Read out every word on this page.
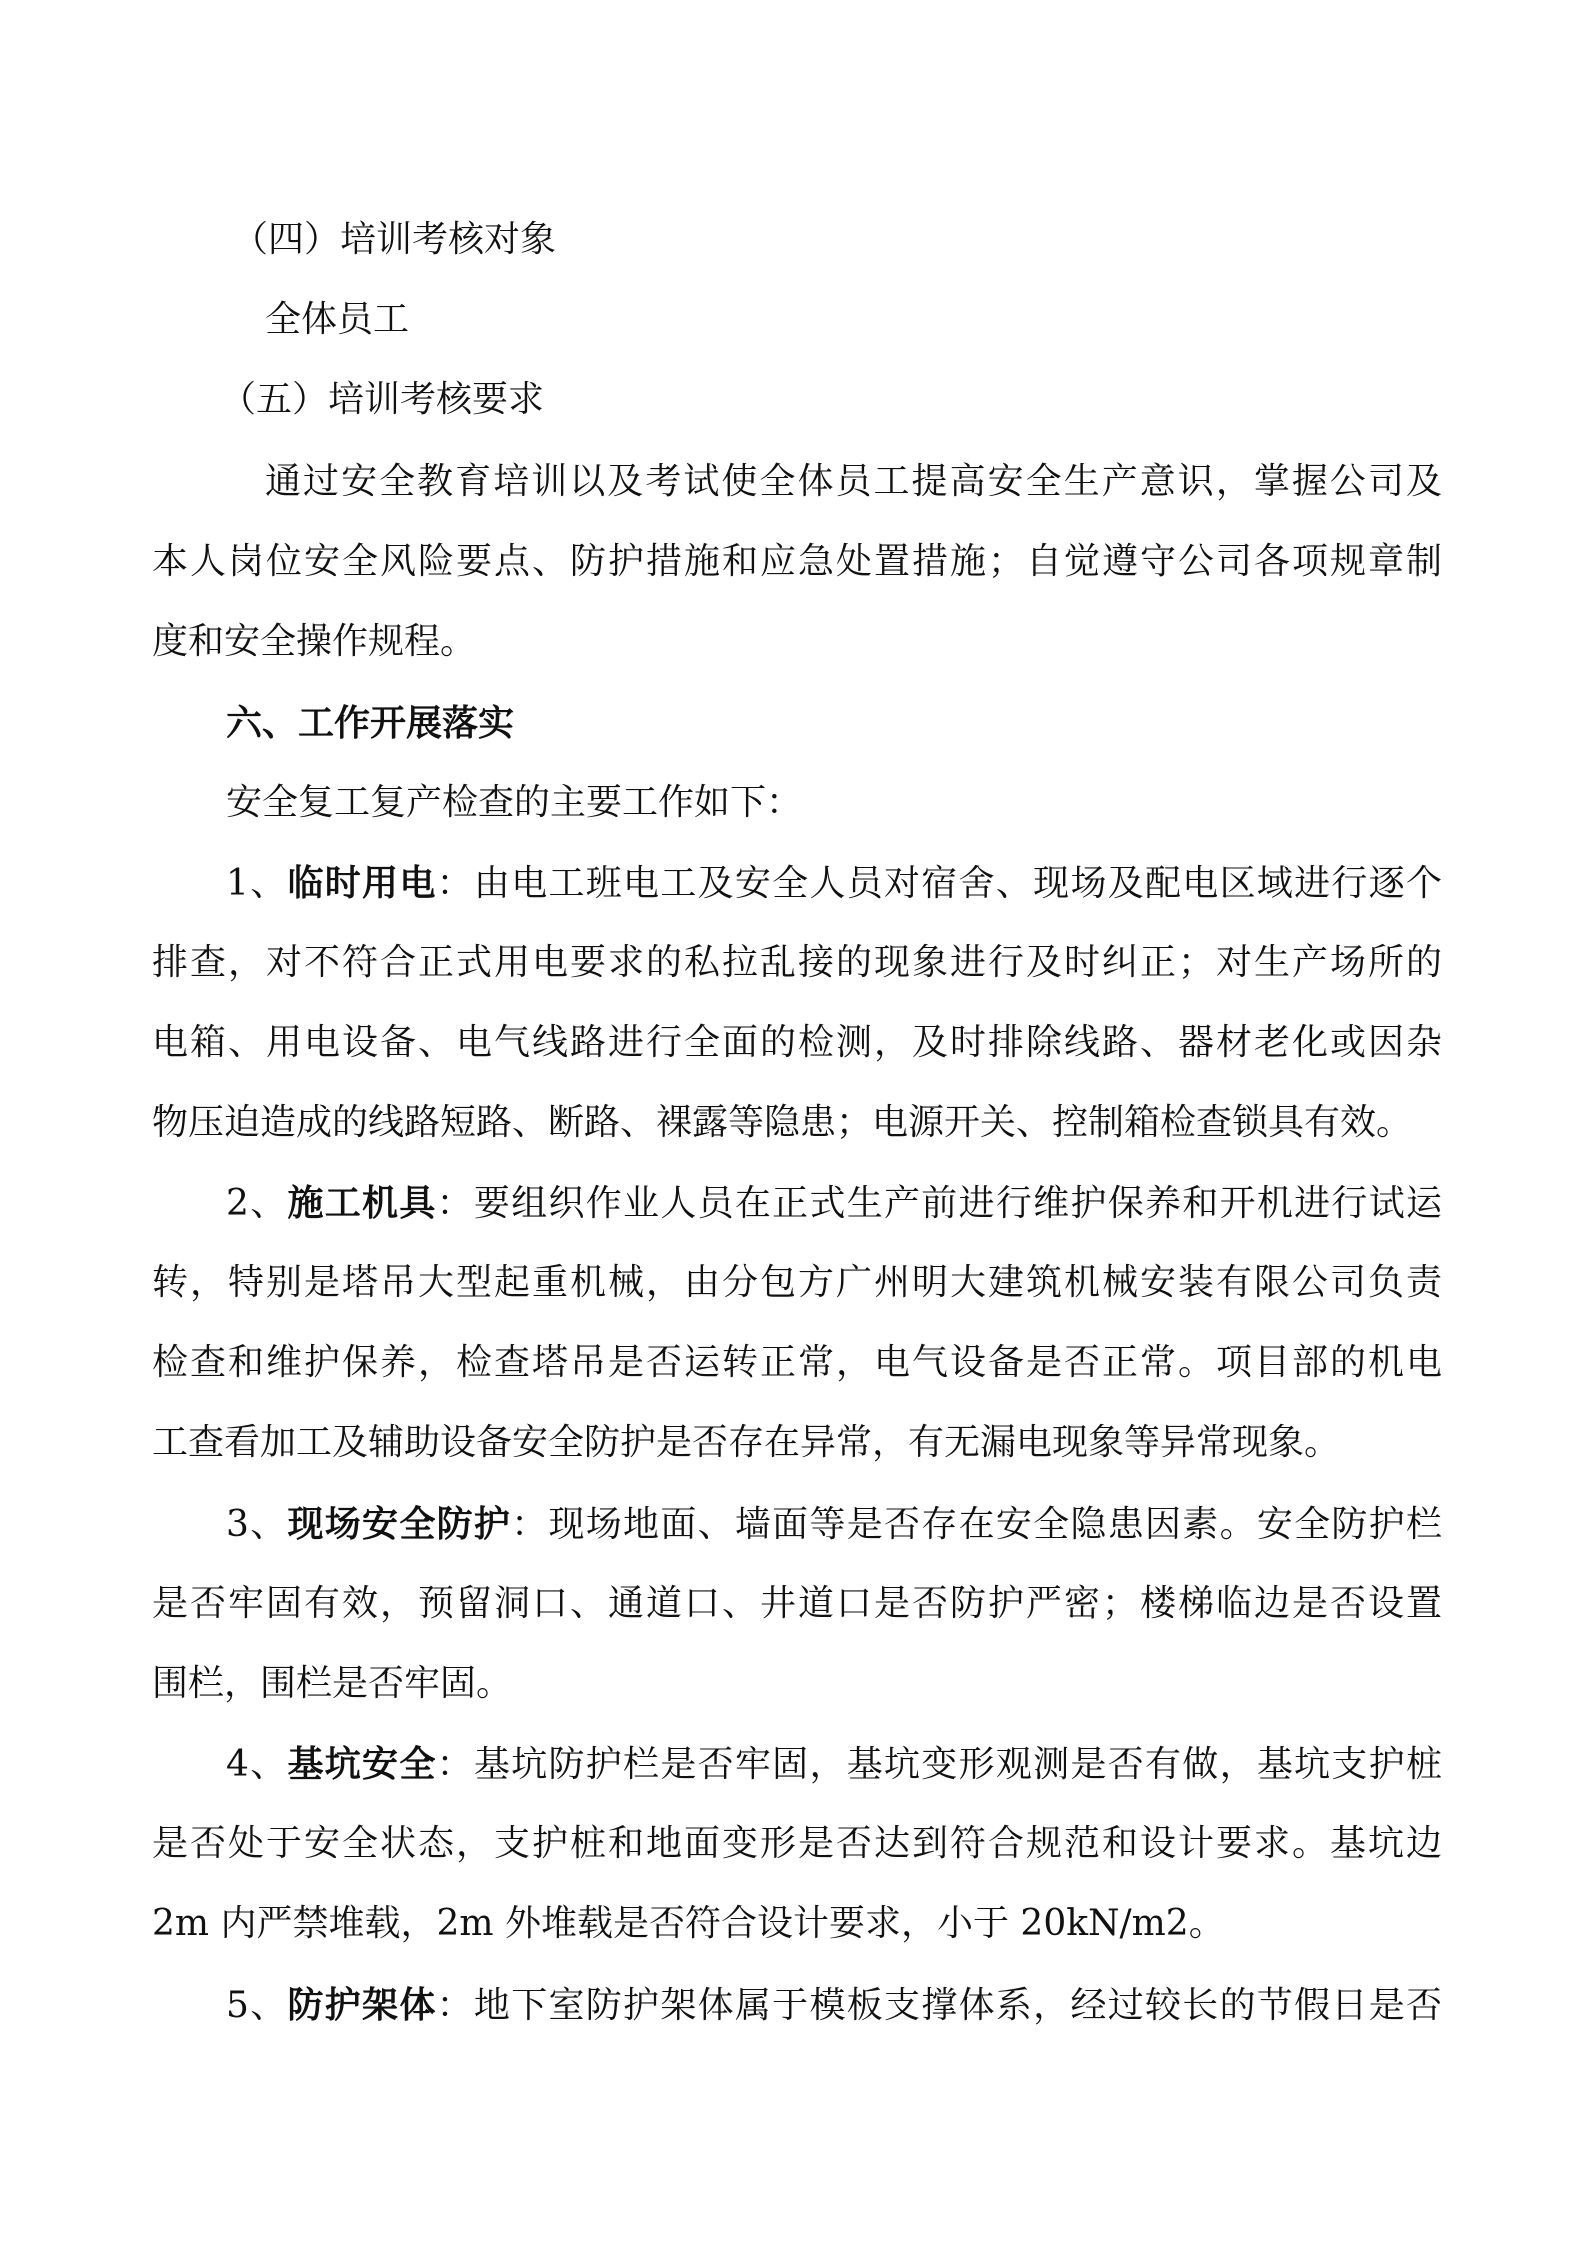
（四）培训考核对象
全体员工
（五）培训考核要求
通过安全教育培训以及考试使全体员工提高安全生产意识，掌握公司及
本人岗位安全风险要点、防护措施和应急处置措施；自觉遵守公司各项规章制
度和安全操作规程。
六、工作开展落实
安全复工复产检查的主要工作如下：
1、临时用电：由电工班电工及安全人员对宿舍、现场及配电区域进行逐个
排查，对不符合正式用电要求的私拉乱接的现象进行及时纠正；对生产场所的
电箱、用电设备、电气线路进行全面的检测，及时排除线路、器材老化或因杂
物压迫造成的线路短路、断路、裸露等隐患；电源开关、控制箱检查锁具有效。
2、施工机具：要组织作业人员在正式生产前进行维护保养和开机进行试运
转，特别是塔吊大型起重机械，由分包方广州明大建筑机械安装有限公司负责
检查和维护保养，检查塔吊是否运转正常，电气设备是否正常。项目部的机电
工查看加工及辅助设备安全防护是否存在异常，有无漏电现象等异常现象。
3、现场安全防护：现场地面、墙面等是否存在安全隐患因素。安全防护栏
是否牢固有效，预留洞口、通道口、井道口是否防护严密；楼梯临边是否设置
围栏，围栏是否牢固。
4、基坑安全：基坑防护栏是否牢固，基坑变形观测是否有做，基坑支护桩
是否处于安全状态，支护桩和地面变形是否达到符合规范和设计要求。基坑边
2m 内严禁堆载，2m 外堆载是否符合设计要求，小于 20kN/m2。
5、防护架体：地下室防护架体属于模板支撑体系，经过较长的节假日是否
